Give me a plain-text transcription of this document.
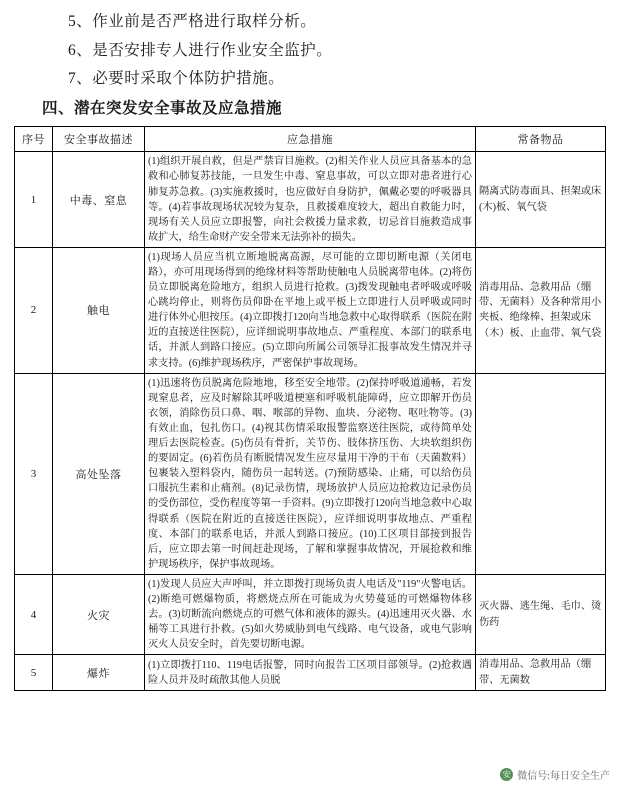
5、作业前是否严格进行取样分析。
6、是否安排专人进行作业安全监护。
7、必要时采取个体防护措施。
四、潜在突发安全事故及应急措施
序号	安全事故描述	应急措施	常备物品
1	中毒、窒息	(1)组织开展自救，但是严禁盲目施救。(2)相关作业人员应具备基本的急救和心肺复苏技能，一旦发生中毒、窒息事故，可以立即对患者进行心肺复苏急救。(3)实施救援时，也应做好自身防护，佩戴必要的呼吸器具等。(4)若事故现场状况较为复杂，且救援难度较大，超出自救能力时，现场有关人员应立即报警，向社会救援力量求救，切忌首目施救造成事故扩大，给生命财产安全带来无法弥补的损失。	隔离式防毒面具、担架或床(木)板、氧气袋
2	触电	(1)现场人员应当机立断地脱离高源，尽可能的立即切断电源（关闭电路），亦可用现场得到的绝缘材料等帮助使触电人员脱离带电体。(2)将伤员立即脱离危险地方，组织人员进行抢救。(3)拨发现触电者呼吸或呼吸心跳均停止，则将伤员仰卧在平地上或平板上立即进行人员呼吸或同时进行体外心胆按压。(4)立即拨打120向当地急救中心取得联系（医院在附近的直接送往医院），应详细说明事故地点、严重程度、本部门的联系电话，并派人到路口接应。(5)立即向所属公司领导汇报事故发生情况并寻求支持。(6)维护现场秩序，严密保护事故现场。	消毒用品、急救用品（绷带、无菌料）及各种常用小夹板、绝缘棒、担架或床（木）板、止血带、氧气袋
3	高处坠落	(1)迅速将伤员脱离危险地地，移至安全地带。(2)保持呼吸道通畅，若发现窒息者，应及时解除其呼吸道梗塞和呼吸机能障碍，应立即解开伤员衣领，消除伤员口鼻、咽、喉部的异物、血块、分泌物、呕吐物等。(3)有效止血，包扎伤口。(4)视其伤情采取报警监察送往医院，或待简单处理后去医院检查。(5)伤员有骨折，关节伤、肢体挤压伤、大块软组织伤的要固定。(6)若伤员有断脱情况发生应尽量用干净的干布（天菌数料）包裹装入塑料袋内，随伤员一起转送。(7)预防感染、止痛，可以给伤员口服抗生素和止痛剂。(8)记录伤情，现场放护人员应边抢救边记录伤员的受伤部位，受伤程度等第一手资料。(9)立即拨打120向当地急救中心取得联系（医院在附近的直接送往医院），应详细说明事故地点、严重程度、本部门的联系电话，并派人到路口接应。(10)工区项目部接到报告后，应立即去第一时间赶赴现场，了解和掌握事故情况，开展抢救和维护现场秩序，保护事故现场。	
4	火灾	(1)发现人员应大声呼叫，并立即拨打现场负责人电话及"119"火警电话。(2)断绝可燃爆物质，将燃烧点所在可能成为火势蔓延的可燃爆物体移去。(3)切断流向燃烧点的可燃气体和液体的源头。(4)迅速用灭火器、水桶等工具进行扑救。(5)如火势威胁到电气线路、电气设备，或电气影响灭火人员安全时，首先要切断电源。	灭火器、逃生绳、毛巾、烫伤药
5	爆炸	(1)立即拨打110、119电话报警，同时向报告工区项目部领导。(2)抢救遇险人员并及时疏散其他人员脱	消毒用品、急救用品（绷带、无菌数
安 微信号:每日安全生产
